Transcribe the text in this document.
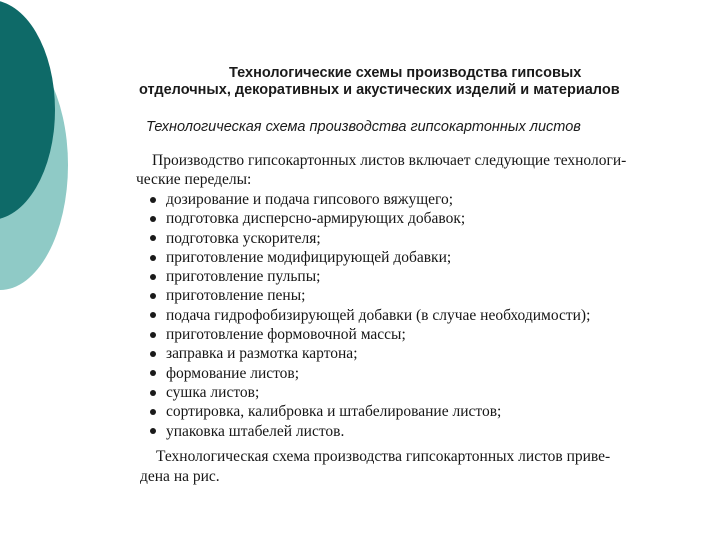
Технологические схемы производства гипсовых
отделочных, декоративных и акустических изделий и материалов
Технологическая схема производства гипсокартонных листов
Производство гипсокартонных листов включает следующие технологи-
ческие переделы:
дозирование и подача гипсового вяжущего;
подготовка дисперсно-армирующих добавок;
подготовка ускорителя;
приготовление модифицирующей добавки;
приготовление пульпы;
приготовление пены;
подача гидрофобизирующей добавки (в случае необходимости);
приготовление формовочной массы;
заправка и размотка картона;
формование листов;
сушка листов;
сортировка, калибровка и штабелирование листов;
упаковка штабелей листов.
Технологическая схема производства гипсокартонных листов приве-
дена на рис.
